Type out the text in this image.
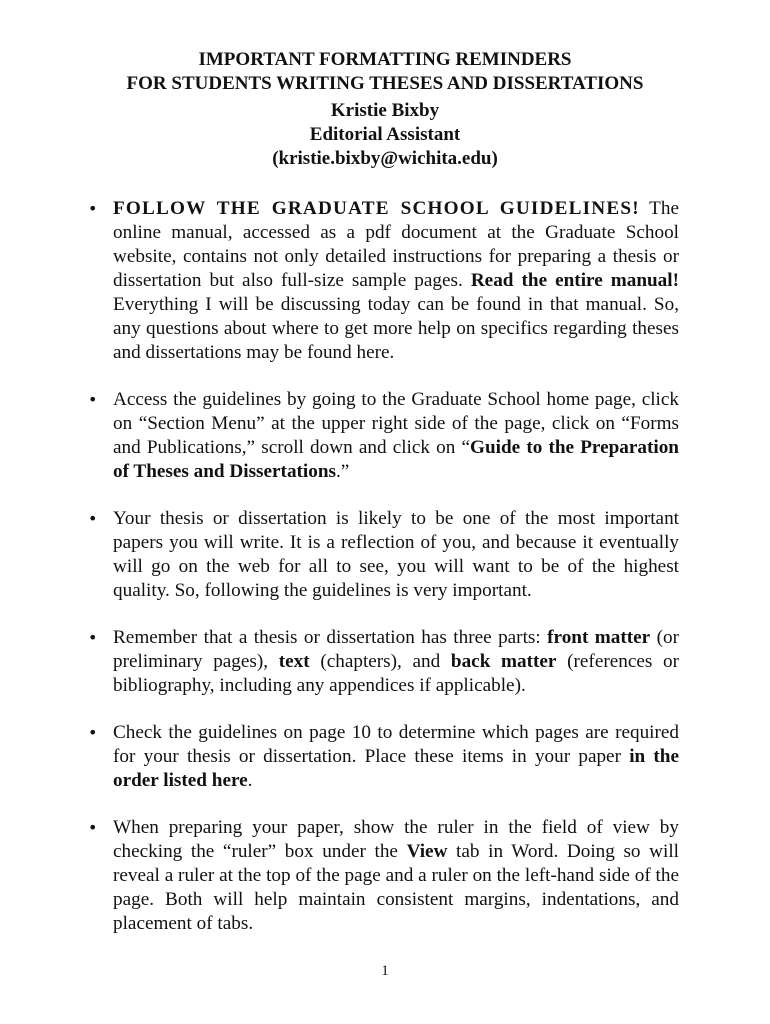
IMPORTANT FORMATTING REMINDERS
FOR STUDENTS WRITING THESES AND DISSERTATIONS
Kristie Bixby
Editorial Assistant
(kristie.bixby@wichita.edu)
• FOLLOW THE GRADUATE SCHOOL GUIDELINES! The online manual, accessed as a pdf document at the Graduate School website, contains not only detailed instructions for preparing a thesis or dissertation but also full-size sample pages. Read the entire manual! Everything I will be discussing today can be found in that manual. So, any questions about where to get more help on specifics regarding theses and dissertations may be found here.
• Access the guidelines by going to the Graduate School home page, click on “Section Menu” at the upper right side of the page, click on “Forms and Publications,” scroll down and click on “Guide to the Preparation of Theses and Dissertations.”
• Your thesis or dissertation is likely to be one of the most important papers you will write. It is a reflection of you, and because it eventually will go on the web for all to see, you will want to be of the highest quality. So, following the guidelines is very important.
• Remember that a thesis or dissertation has three parts: front matter (or preliminary pages), text (chapters), and back matter (references or bibliography, including any appendices if applicable).
• Check the guidelines on page 10 to determine which pages are required for your thesis or dissertation. Place these items in your paper in the order listed here.
• When preparing your paper, show the ruler in the field of view by checking the “ruler” box under the View tab in Word. Doing so will reveal a ruler at the top of the page and a ruler on the left-hand side of the page. Both will help maintain consistent margins, indentations, and placement of tabs.
1
